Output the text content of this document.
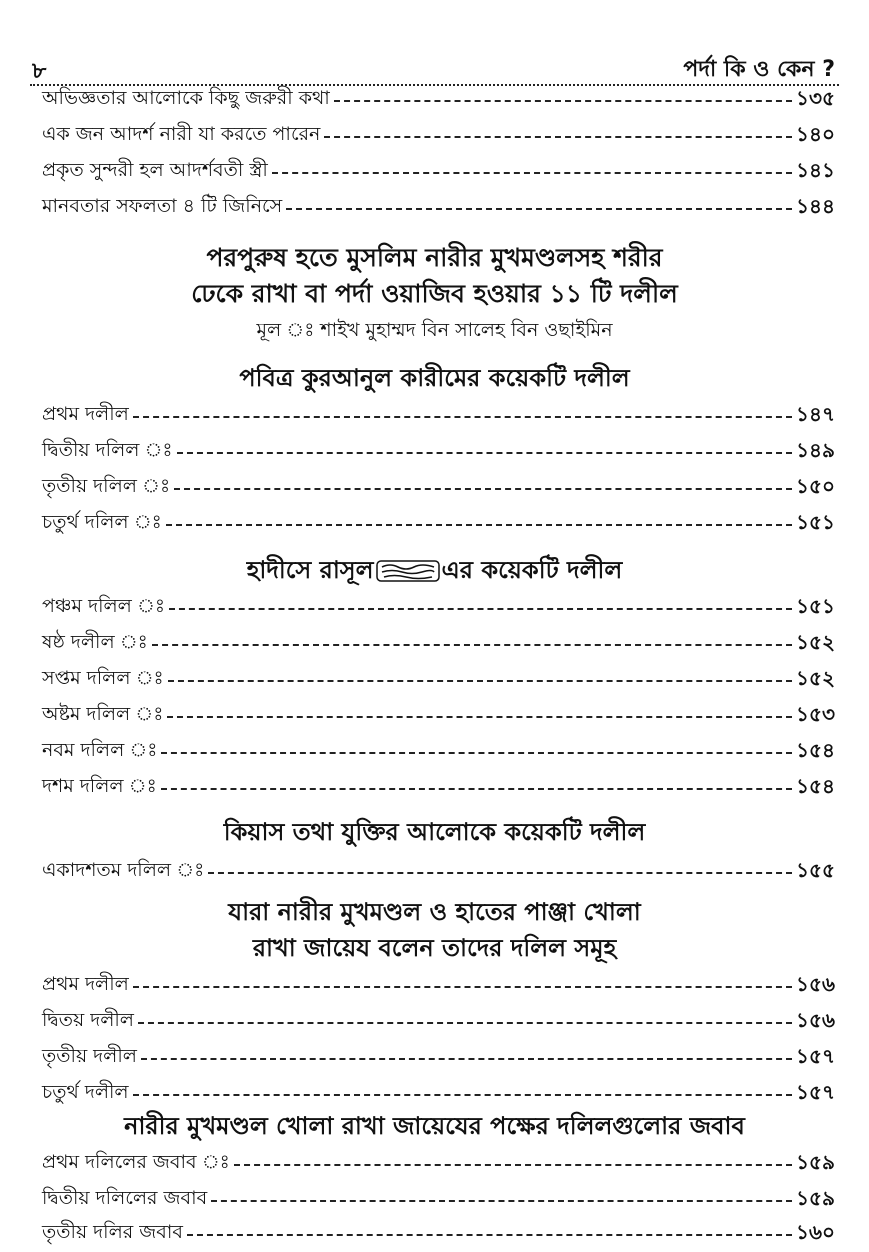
৮	পর্দা কি ও কেন ?
অভিজ্ঞতার আলোকে কিছু জরুরী কথা	১৩৫
এক জন আদর্শ নারী যা করতে পারেন	১৪০
প্রকৃত সুন্দরী হল আদর্শবতী স্ত্রী	১৪১
মানবতার সফলতা ৪ টি জিনিসে	১৪৪
পরপুরুষ হতে মুসলিম নারীর মুখমণ্ডলসহ শরীর
ঢেকে রাখা বা পর্দা ওয়াজিব হওয়ার ১১ টি দলীল
মূল ঃ শাইখ মুহাম্মদ বিন সালেহ বিন ওছাইমিন
পবিত্র কুরআনুল কারীমের কয়েকটি দলীল
প্রথম দলীল	১৪৭
দ্বিতীয় দলিল ঃ	১৪৯
তৃতীয় দলিল ঃ	১৫০
চতুর্থ দলিল ঃ	১৫১
হাদীসে রাসূল	এর কয়েকটি দলীল
পঞ্চম দলিল ঃ	১৫১
ষষ্ঠ দলীল ঃ	১৫২
সপ্তম দলিল ঃ	১৫২
অষ্টম দলিল ঃ	১৫৩
নবম দলিল ঃ	১৫৪
দশম দলিল ঃ	১৫৪
কিয়াস তথা যুক্তির আলোকে কয়েকটি দলীল
একাদশতম দলিল ঃ	১৫৫
যারা নারীর মুখমণ্ডল ও হাতের পাঞ্জা খোলা
রাখা জায়েয বলেন তাদের দলিল সমূহ
প্রথম দলীল	১৫৬
দ্বিতয় দলীল	১৫৬
তৃতীয় দলীল	১৫৭
চতুর্থ দলীল	১৫৭
নারীর মুখমণ্ডল খোলা রাখা জায়েযের পক্ষের দলিলগুলোর জবাব
প্রথম দলিলের জবাব ঃ	১৫৯
দ্বিতীয় দলিলের জবাব	১৫৯
তৃতীয় দলির জবাব	১৬০
